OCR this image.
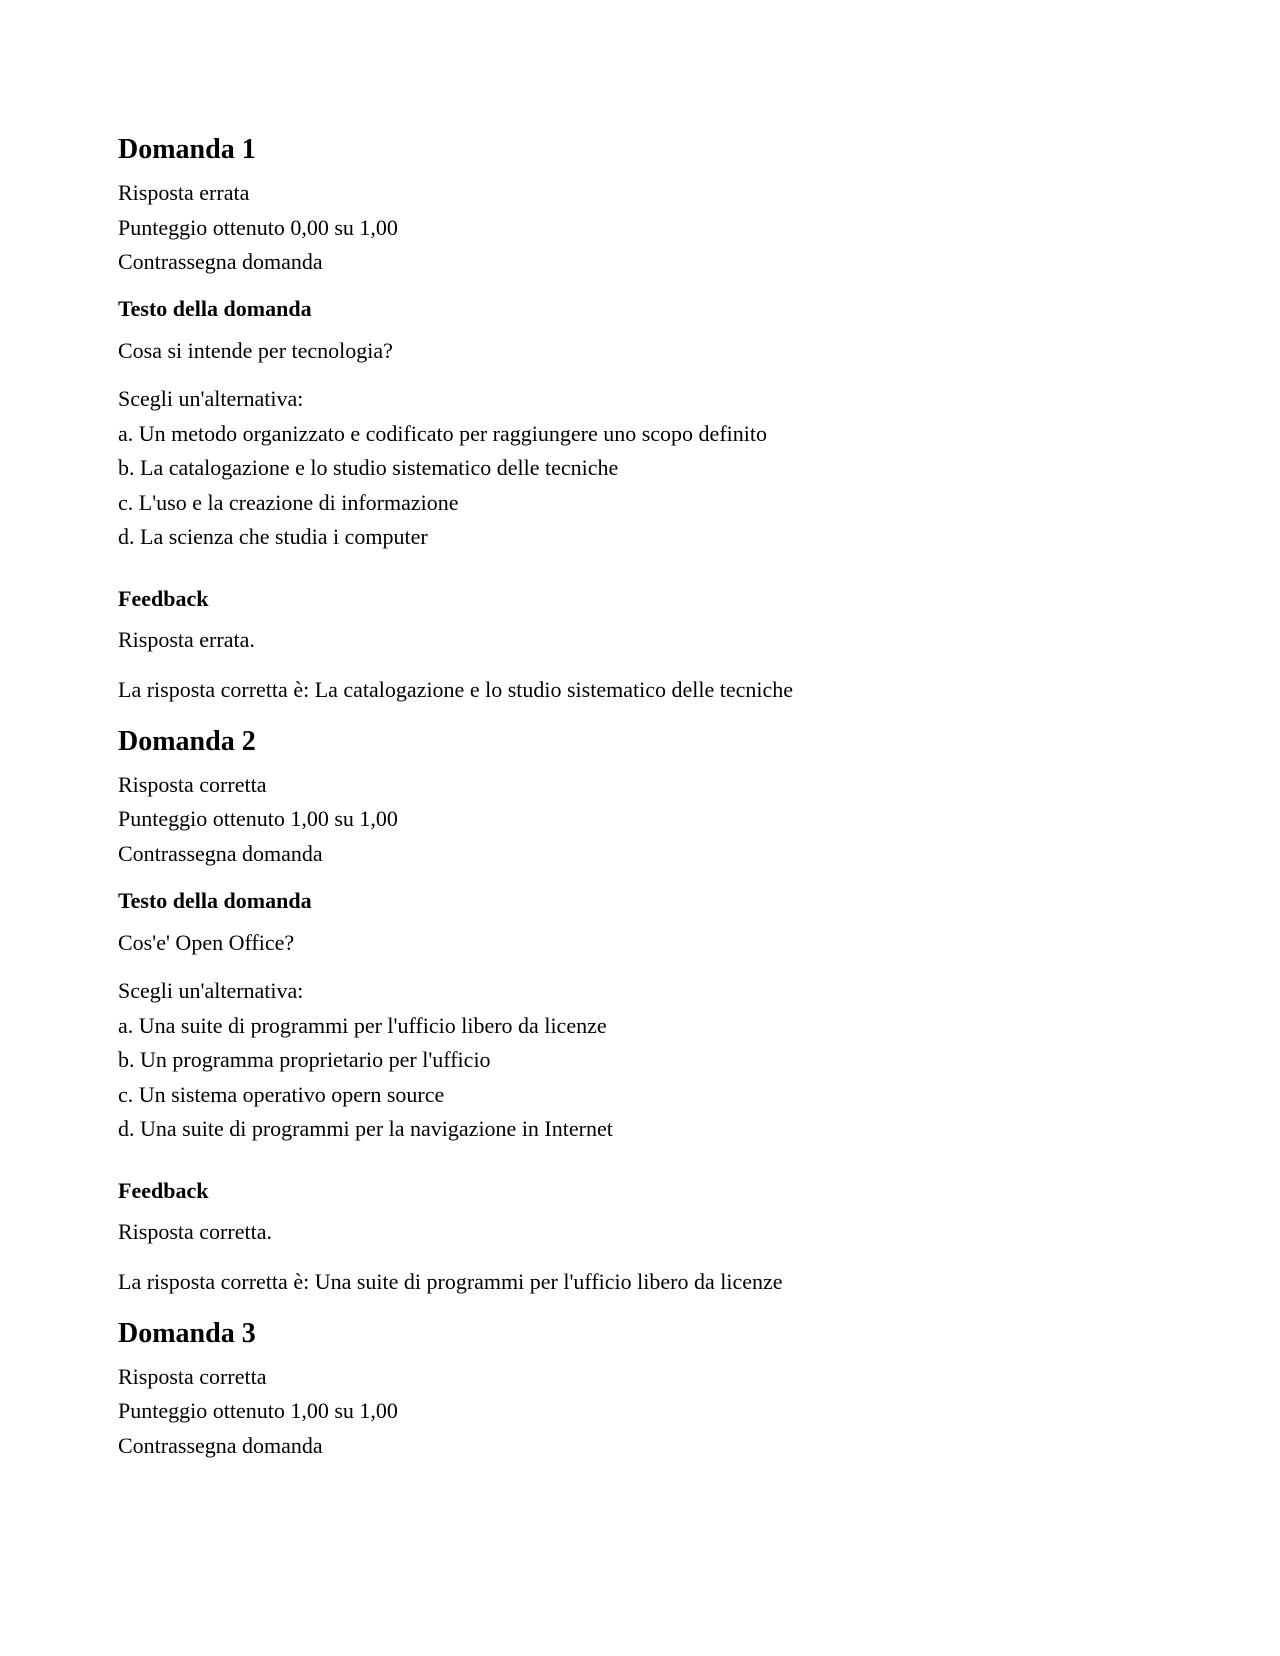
Domanda 1
Risposta errata
Punteggio ottenuto 0,00 su 1,00
Contrassegna domanda
Testo della domanda
Cosa si intende per tecnologia?
Scegli un'alternativa:
a. Un metodo organizzato e codificato per raggiungere uno scopo definito
b. La catalogazione e lo studio sistematico delle tecniche
c. L'uso e la creazione di informazione
d. La scienza che studia i computer
Feedback
Risposta errata.
La risposta corretta è: La catalogazione e lo studio sistematico delle tecniche
Domanda 2
Risposta corretta
Punteggio ottenuto 1,00 su 1,00
Contrassegna domanda
Testo della domanda
Cos'e' Open Office?
Scegli un'alternativa:
a. Una suite di programmi per l'ufficio libero da licenze
b. Un programma proprietario per l'ufficio
c. Un sistema operativo opern source
d. Una suite di programmi per la navigazione in Internet
Feedback
Risposta corretta.
La risposta corretta è: Una suite di programmi per l'ufficio libero da licenze
Domanda 3
Risposta corretta
Punteggio ottenuto 1,00 su 1,00
Contrassegna domanda
